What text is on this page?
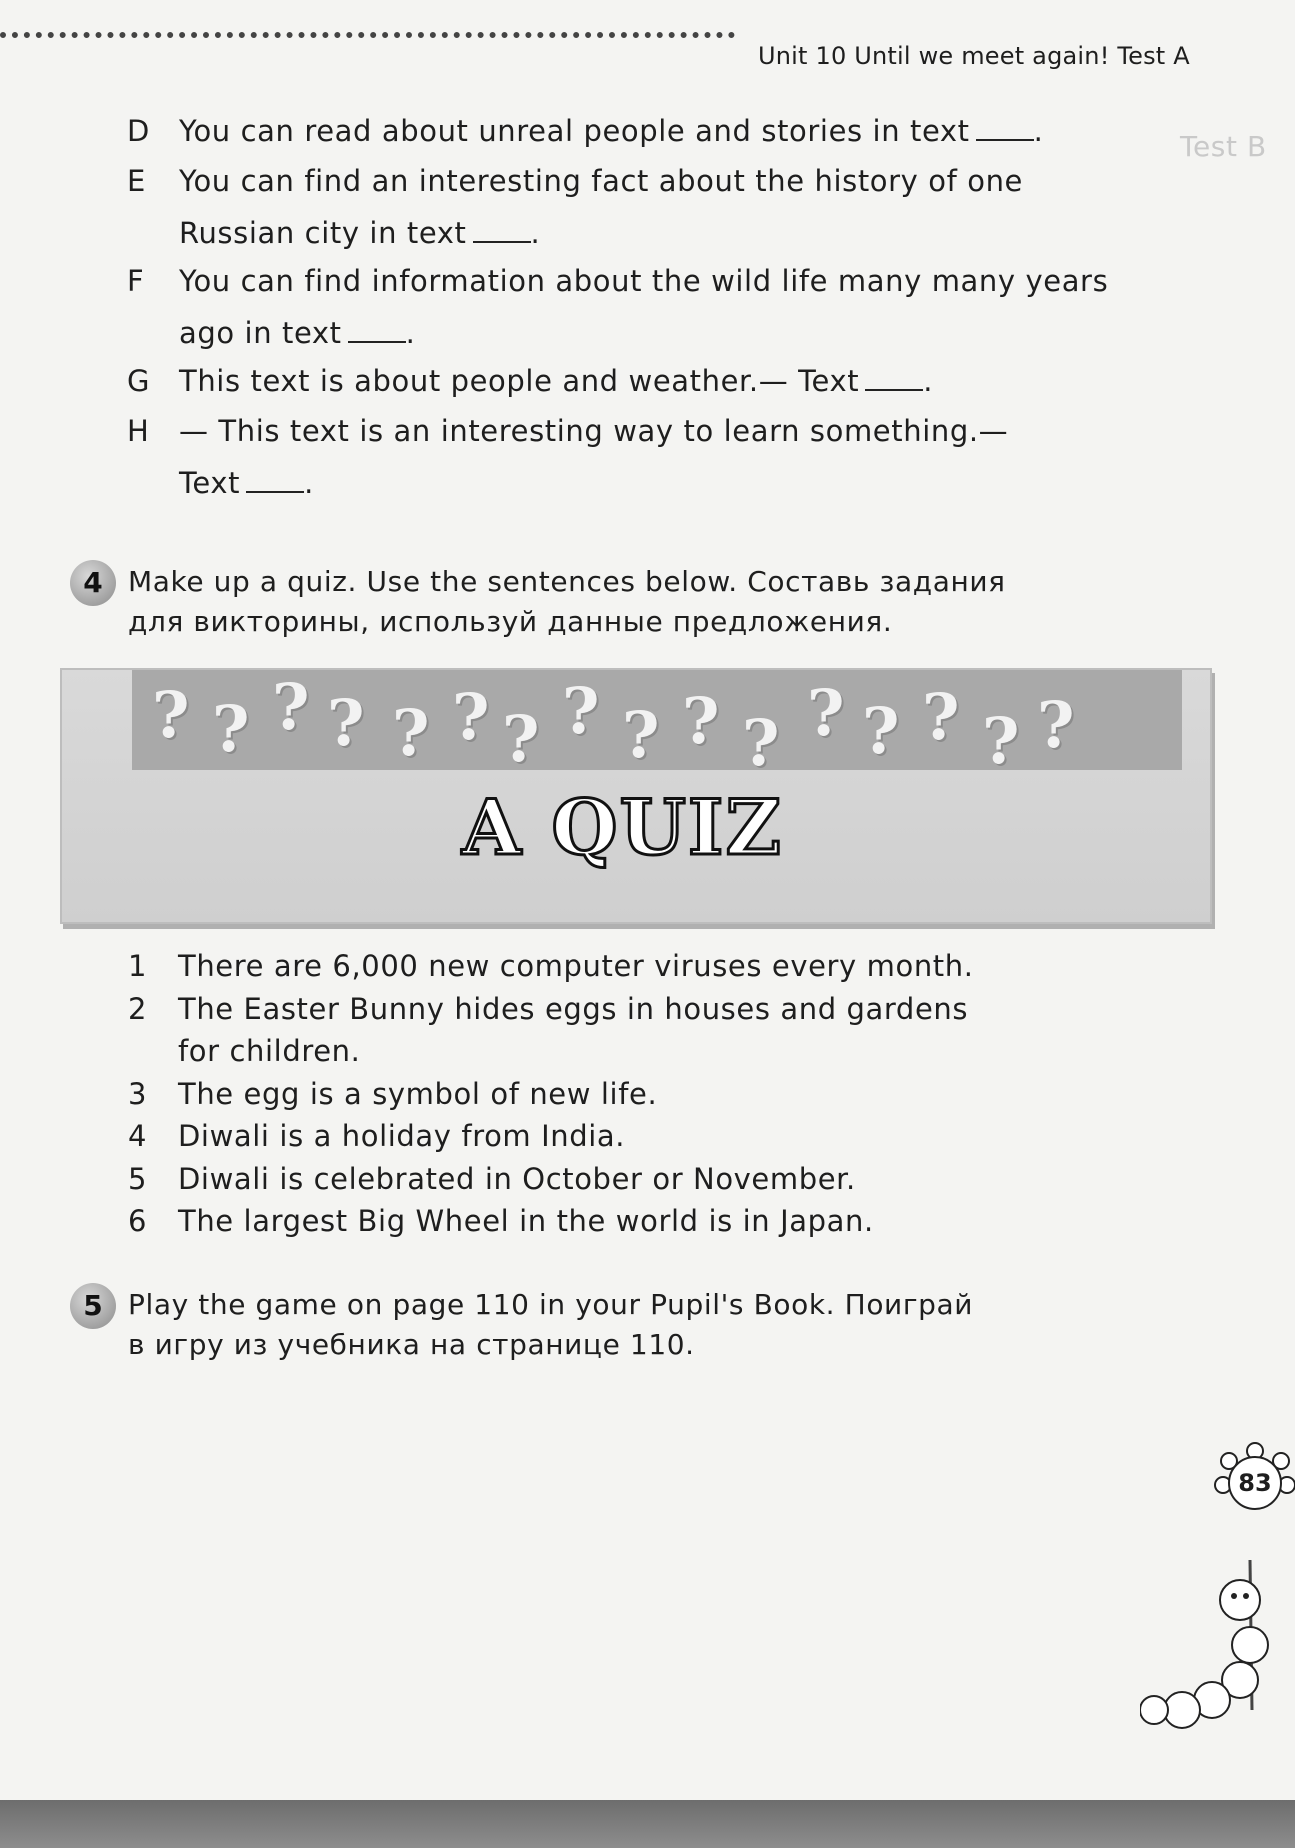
Unit 10 Until we meet again! Test A
Test B
D You can read about unreal people and stories in text .
E You can find an interesting fact about the history of one
Russian city in text .
F You can find information about the wild life many many years
ago in text .
G This text is about people and weather.— Text .
H — This text is an interesting way to learn something.—
Text .
4 Make up a quiz. Use the sentences below. Составь задания
для викторины, используй данные предложения.
? ? ? ? ? ? ? ? ? ? ? ? ? ? ? ?
A QUIZ
1 There are 6,000 new computer viruses every month.
2 The Easter Bunny hides eggs in houses and gardens
for children.
3 The egg is a symbol of new life.
4 Diwali is a holiday from India.
5 Diwali is celebrated in October or November.
6 The largest Big Wheel in the world is in Japan.
5 Play the game on page 110 in your Pupil's Book. Поиграй
в игру из учебника на странице 110.
83
